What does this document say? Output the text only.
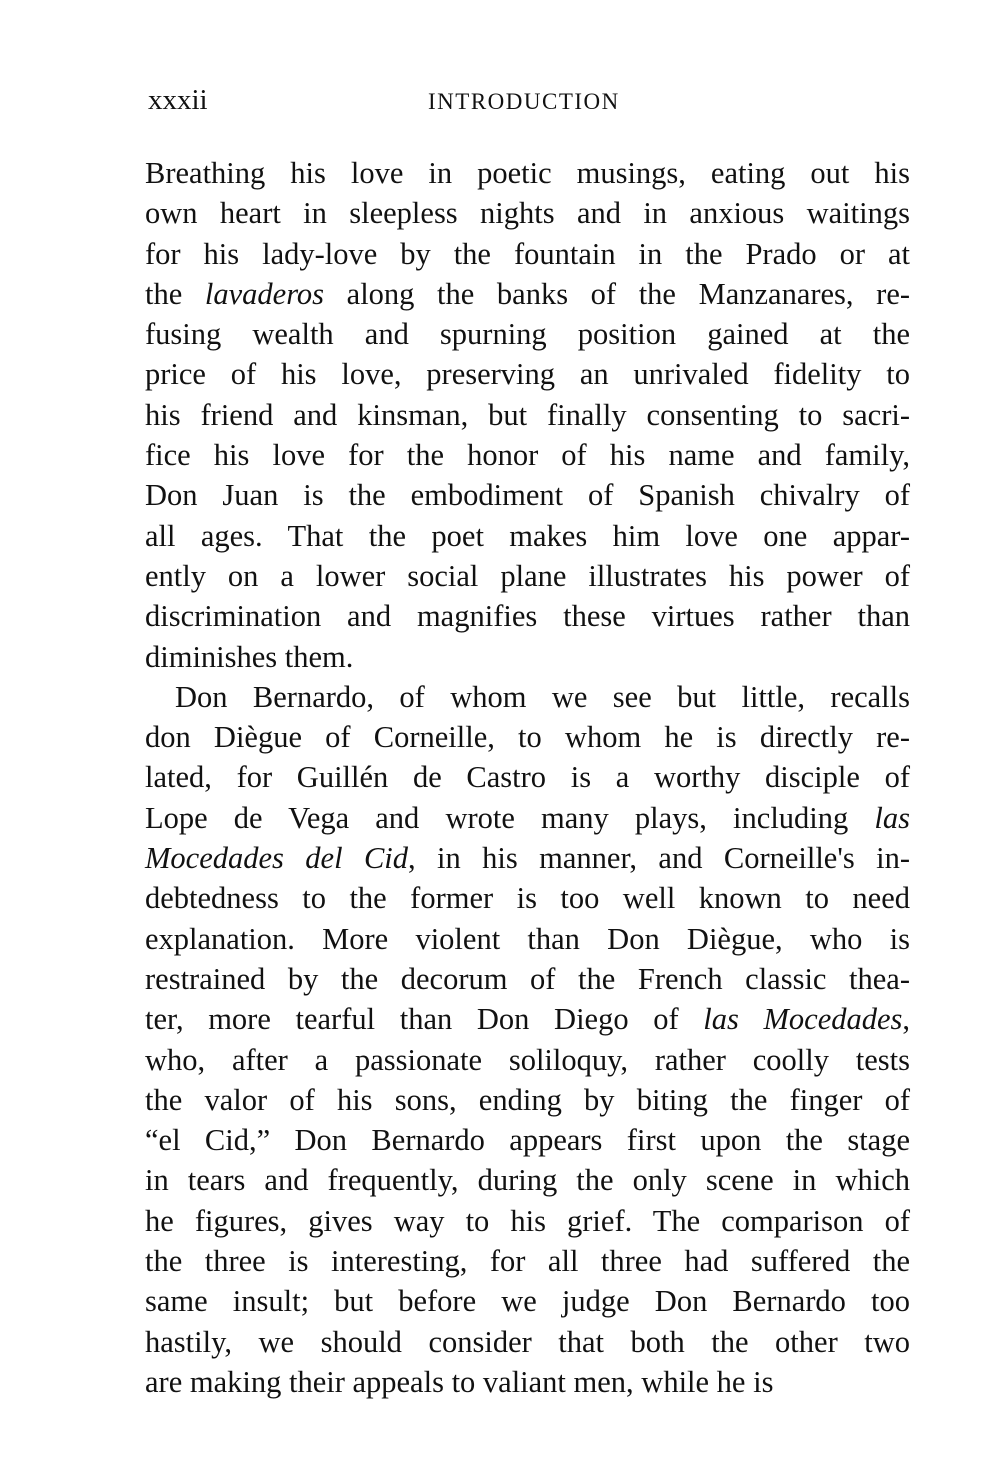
xxxii	INTRODUCTION
Breathing his love in poetic musings, eating out his
own heart in sleepless nights and in anxious waitings
for his lady-love by the fountain in the Prado or at
the lavaderos along the banks of the Manzanares, re-
fusing wealth and spurning position gained at the
price of his love, preserving an unrivaled fidelity to
his friend and kinsman, but finally consenting to sacri-
fice his love for the honor of his name and family,
Don Juan is the embodiment of Spanish chivalry of
all ages. That the poet makes him love one appar-
ently on a lower social plane illustrates his power of
discrimination and magnifies these virtues rather than
diminishes them.
Don Bernardo, of whom we see but little, recalls
don Diègue of Corneille, to whom he is directly re-
lated, for Guillén de Castro is a worthy disciple of
Lope de Vega and wrote many plays, including las
Mocedades del Cid, in his manner, and Corneille's in-
debtedness to the former is too well known to need
explanation. More violent than Don Diègue, who is
restrained by the decorum of the French classic thea-
ter, more tearful than Don Diego of las Mocedades,
who, after a passionate soliloquy, rather coolly tests
the valor of his sons, ending by biting the finger of
“el Cid,” Don Bernardo appears first upon the stage
in tears and frequently, during the only scene in which
he figures, gives way to his grief. The comparison of
the three is interesting, for all three had suffered the
same insult; but before we judge Don Bernardo too
hastily, we should consider that both the other two
are making their appeals to valiant men, while he is
